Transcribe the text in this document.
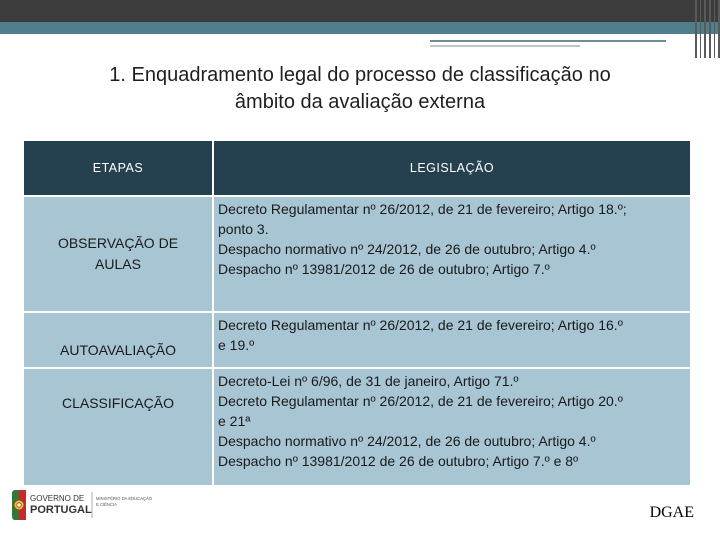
1. Enquadramento legal do processo de classificação no
âmbito da avaliação externa
ETAPAS	LEGISLAÇÃO

OBSERVAÇÃO DE
AULAS	Decreto Regulamentar nº 26/2012, de 21 de fevereiro; Artigo 18.º;
ponto 3.
Despacho normativo nº 24/2012, de 26 de outubro; Artigo 4.º
Despacho nº 13981/2012 de 26 de outubro; Artigo 7.º

AUTOAVALIAÇÃO	Decreto Regulamentar nº 26/2012, de 21 de fevereiro; Artigo 16.º
e 19.º

CLASSIFICAÇÃO	Decreto-Lei nº 6/96, de 31 de janeiro, Artigo 71.º
Decreto Regulamentar nº 26/2012, de 21 de fevereiro; Artigo 20.º
e 21ª
Despacho normativo nº 24/2012, de 26 de outubro; Artigo 4.º
Despacho nº 13981/2012 de 26 de outubro; Artigo 7.º e 8º
GOVERNO DE
PORTUGAL
MINISTÉRIO DA EDUCAÇÃO
E CIÊNCIA	DGAE
